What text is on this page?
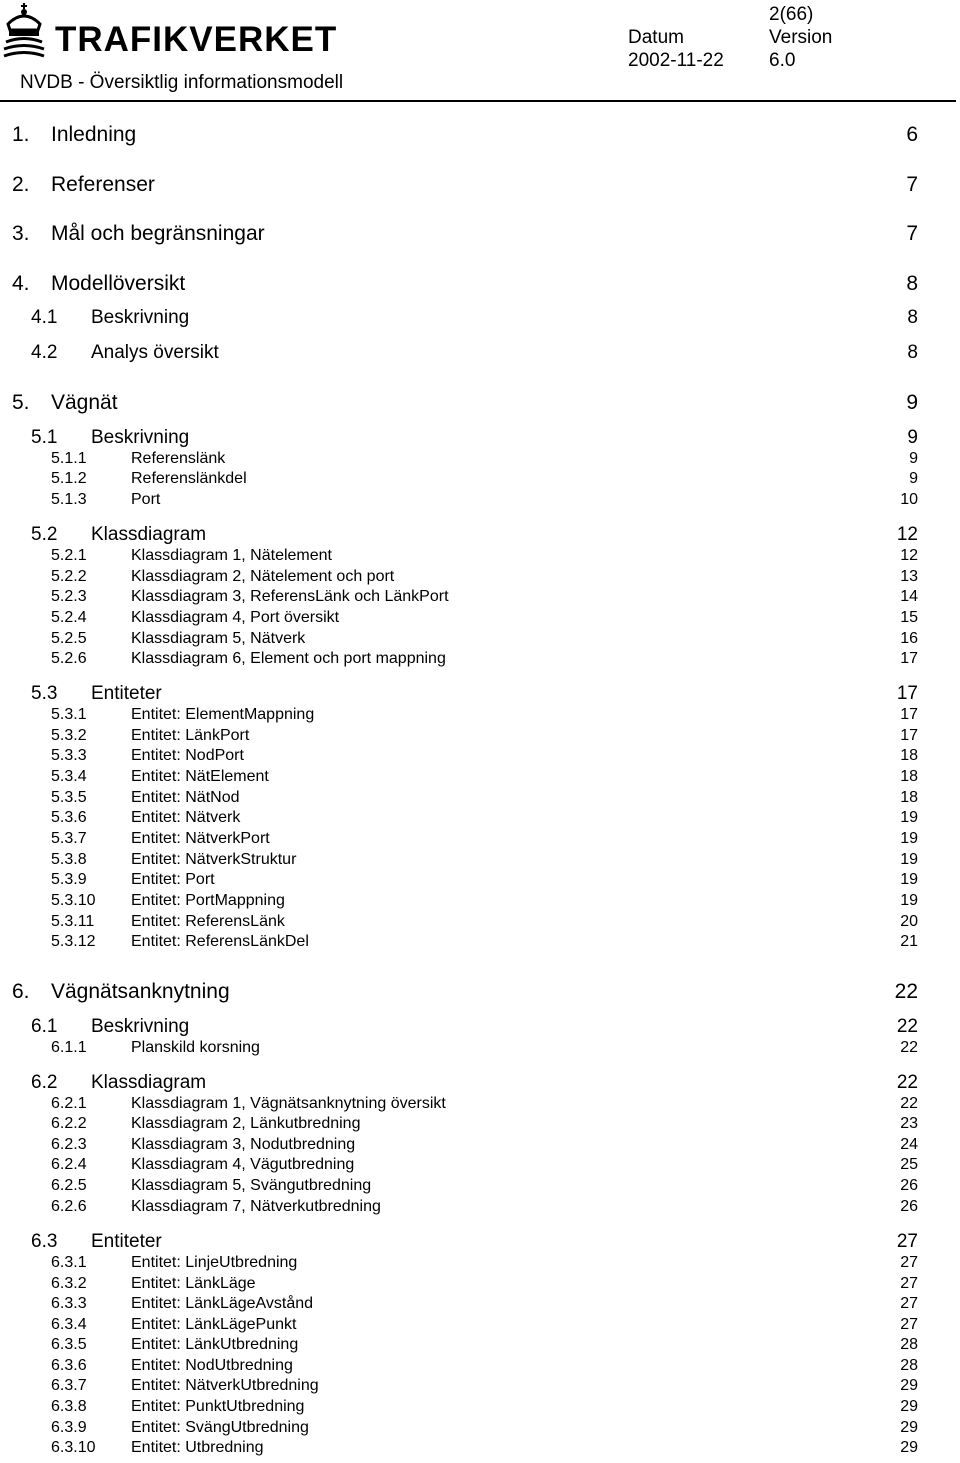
TRAFIKVERKET
NVDB - Översiktlig informationsmodell
2(66)
Datum	Version
2002-11-22 6.0
1. Inledning	6
2. Referenser	7
3. Mål och begränsningar	7
4. Modellöversikt	8
4.1 Beskrivning	8
4.2 Analys översikt	8
5. Vägnät	9
5.1 Beskrivning	9
5.1.1	Referenslänk	9
5.1.2	Referenslänkdel	9
5.1.3	Port	10
5.2 Klassdiagram	12
5.2.1	Klassdiagram 1, Nätelement	12
5.2.2	Klassdiagram 2, Nätelement och port	13
5.2.3	Klassdiagram 3, ReferensLänk och LänkPort	14
5.2.4	Klassdiagram 4, Port översikt	15
5.2.5	Klassdiagram 5, Nätverk	16
5.2.6	Klassdiagram 6, Element och port mappning	17
5.3 Entiteter	17
5.3.1	Entitet: ElementMappning	17
5.3.2	Entitet: LänkPort	17
5.3.3	Entitet: NodPort	18
5.3.4	Entitet: NätElement	18
5.3.5	Entitet: NätNod	18
5.3.6	Entitet: Nätverk	19
5.3.7	Entitet: NätverkPort	19
5.3.8	Entitet: NätverkStruktur	19
5.3.9	Entitet: Port	19
5.3.10 Entitet: PortMappning	19
5.3.11 Entitet: ReferensLänk	20
5.3.12 Entitet: ReferensLänkDel	21
6. Vägnätsanknytning	22
6.1 Beskrivning	22
6.1.1	Planskild korsning	22
6.2 Klassdiagram	22
6.2.1	Klassdiagram 1, Vägnätsanknytning översikt	22
6.2.2	Klassdiagram 2, Länkutbredning	23
6.2.3	Klassdiagram 3, Nodutbredning	24
6.2.4	Klassdiagram 4, Vägutbredning	25
6.2.5	Klassdiagram 5, Svängutbredning	26
6.2.6	Klassdiagram 7, Nätverkutbredning	26
6.3 Entiteter	27
6.3.1	Entitet: LinjeUtbredning	27
6.3.2	Entitet: LänkLäge	27
6.3.3	Entitet: LänkLägeAvstånd	27
6.3.4	Entitet: LänkLägePunkt	27
6.3.5	Entitet: LänkUtbredning	28
6.3.6	Entitet: NodUtbredning	28
6.3.7	Entitet: NätverkUtbredning	29
6.3.8	Entitet: PunktUtbredning	29
6.3.9	Entitet: SvängUtbredning	29
6.3.10 Entitet: Utbredning	29
